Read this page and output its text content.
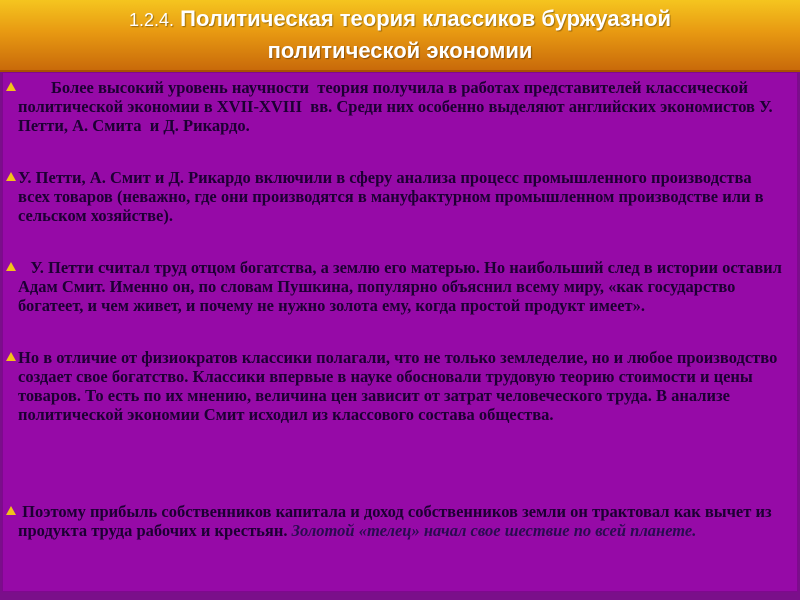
1.2.4. Политическая теория классиков буржуазной
политической экономии
Более высокий уровень научности  теория получила в работах представителей классической  политической экономии в XVII-XVIII  вв. Среди них особенно выделяют английских экономистов У. Петти, А. Смита  и Д. Рикардо.
У. Петти, А. Смит и Д. Рикардо включили в сферу анализа процесс промышленного производства всех товаров (неважно, где они производятся в мануфактурном промышленном производстве или в сельском хозяйстве).
У. Петти считал труд отцом богатства, а землю его матерью. Но наибольший след в истории оставил Адам Смит. Именно он, по словам Пушкина, популярно объяснил всему миру, «как государство богатеет, и чем живет, и почему не нужно золота ему, когда простой продукт имеет».
Но в отличие от физиократов классики полагали, что не только земледелие, но и любое производство создает свое богатство. Классики впервые в науке обосновали трудовую теорию стоимости и цены товаров. То есть по их мнению, величина цен зависит от затрат человеческого труда. В анализе политической экономии Смит исходил из классового состава общества.
Поэтому прибыль собственников капитала и доход собственников земли он трактовал как вычет из продукта труда рабочих и крестьян. Золотой «телец» начал свое шествие по всей планете.
